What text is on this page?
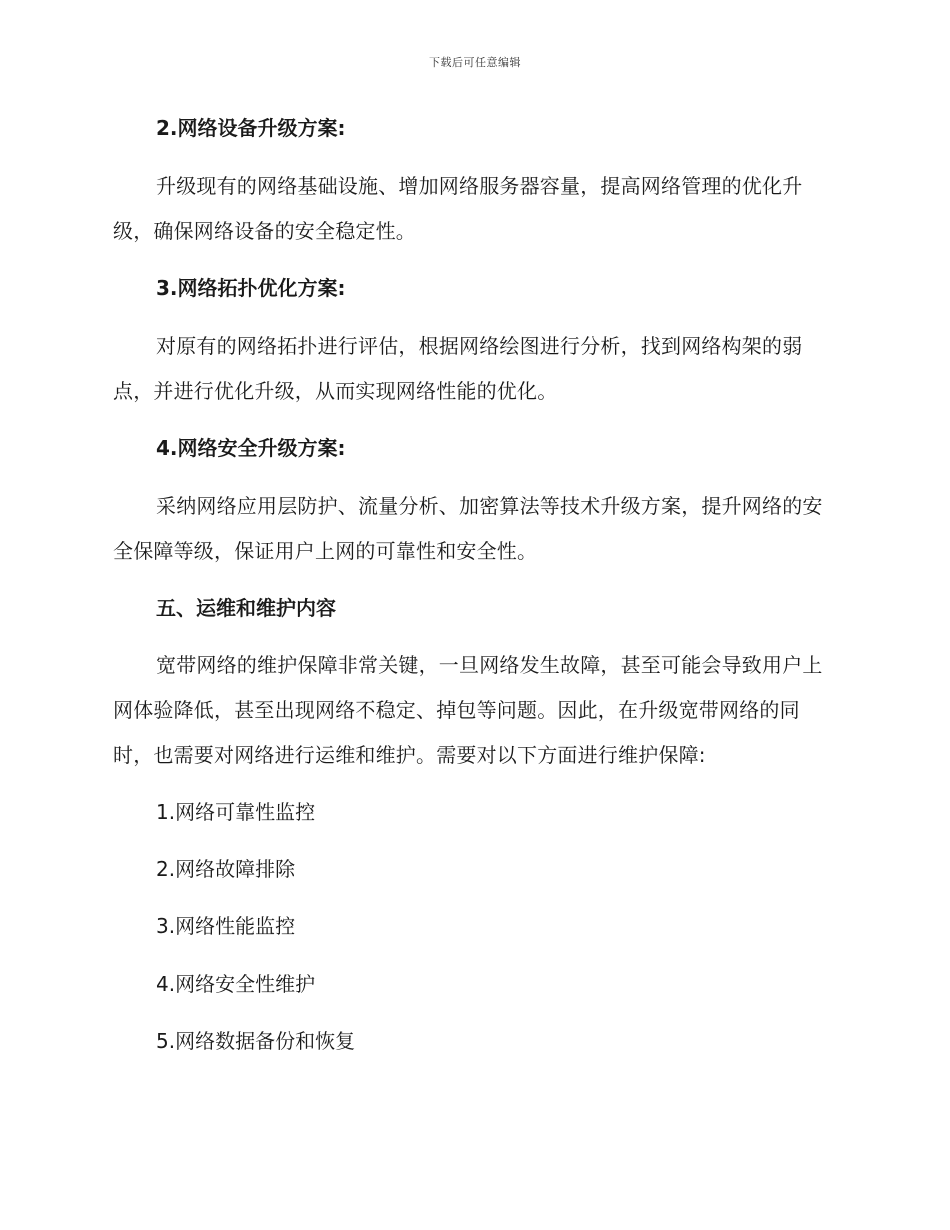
下载后可任意编辑
2.网络设备升级方案:
升级现有的网络基础设施、增加网络服务器容量，提高网络管理的优化升级，确保网络设备的安全稳定性。
3.网络拓扑优化方案:
对原有的网络拓扑进行评估，根据网络绘图进行分析，找到网络构架的弱点，并进行优化升级，从而实现网络性能的优化。
4.网络安全升级方案:
采纳网络应用层防护、流量分析、加密算法等技术升级方案，提升网络的安全保障等级，保证用户上网的可靠性和安全性。
五、运维和维护内容
宽带网络的维护保障非常关键，一旦网络发生故障，甚至可能会导致用户上网体验降低，甚至出现网络不稳定、掉包等问题。因此，在升级宽带网络的同时，也需要对网络进行运维和维护。需要对以下方面进行维护保障:
1.网络可靠性监控
2.网络故障排除
3.网络性能监控
4.网络安全性维护
5.网络数据备份和恢复
